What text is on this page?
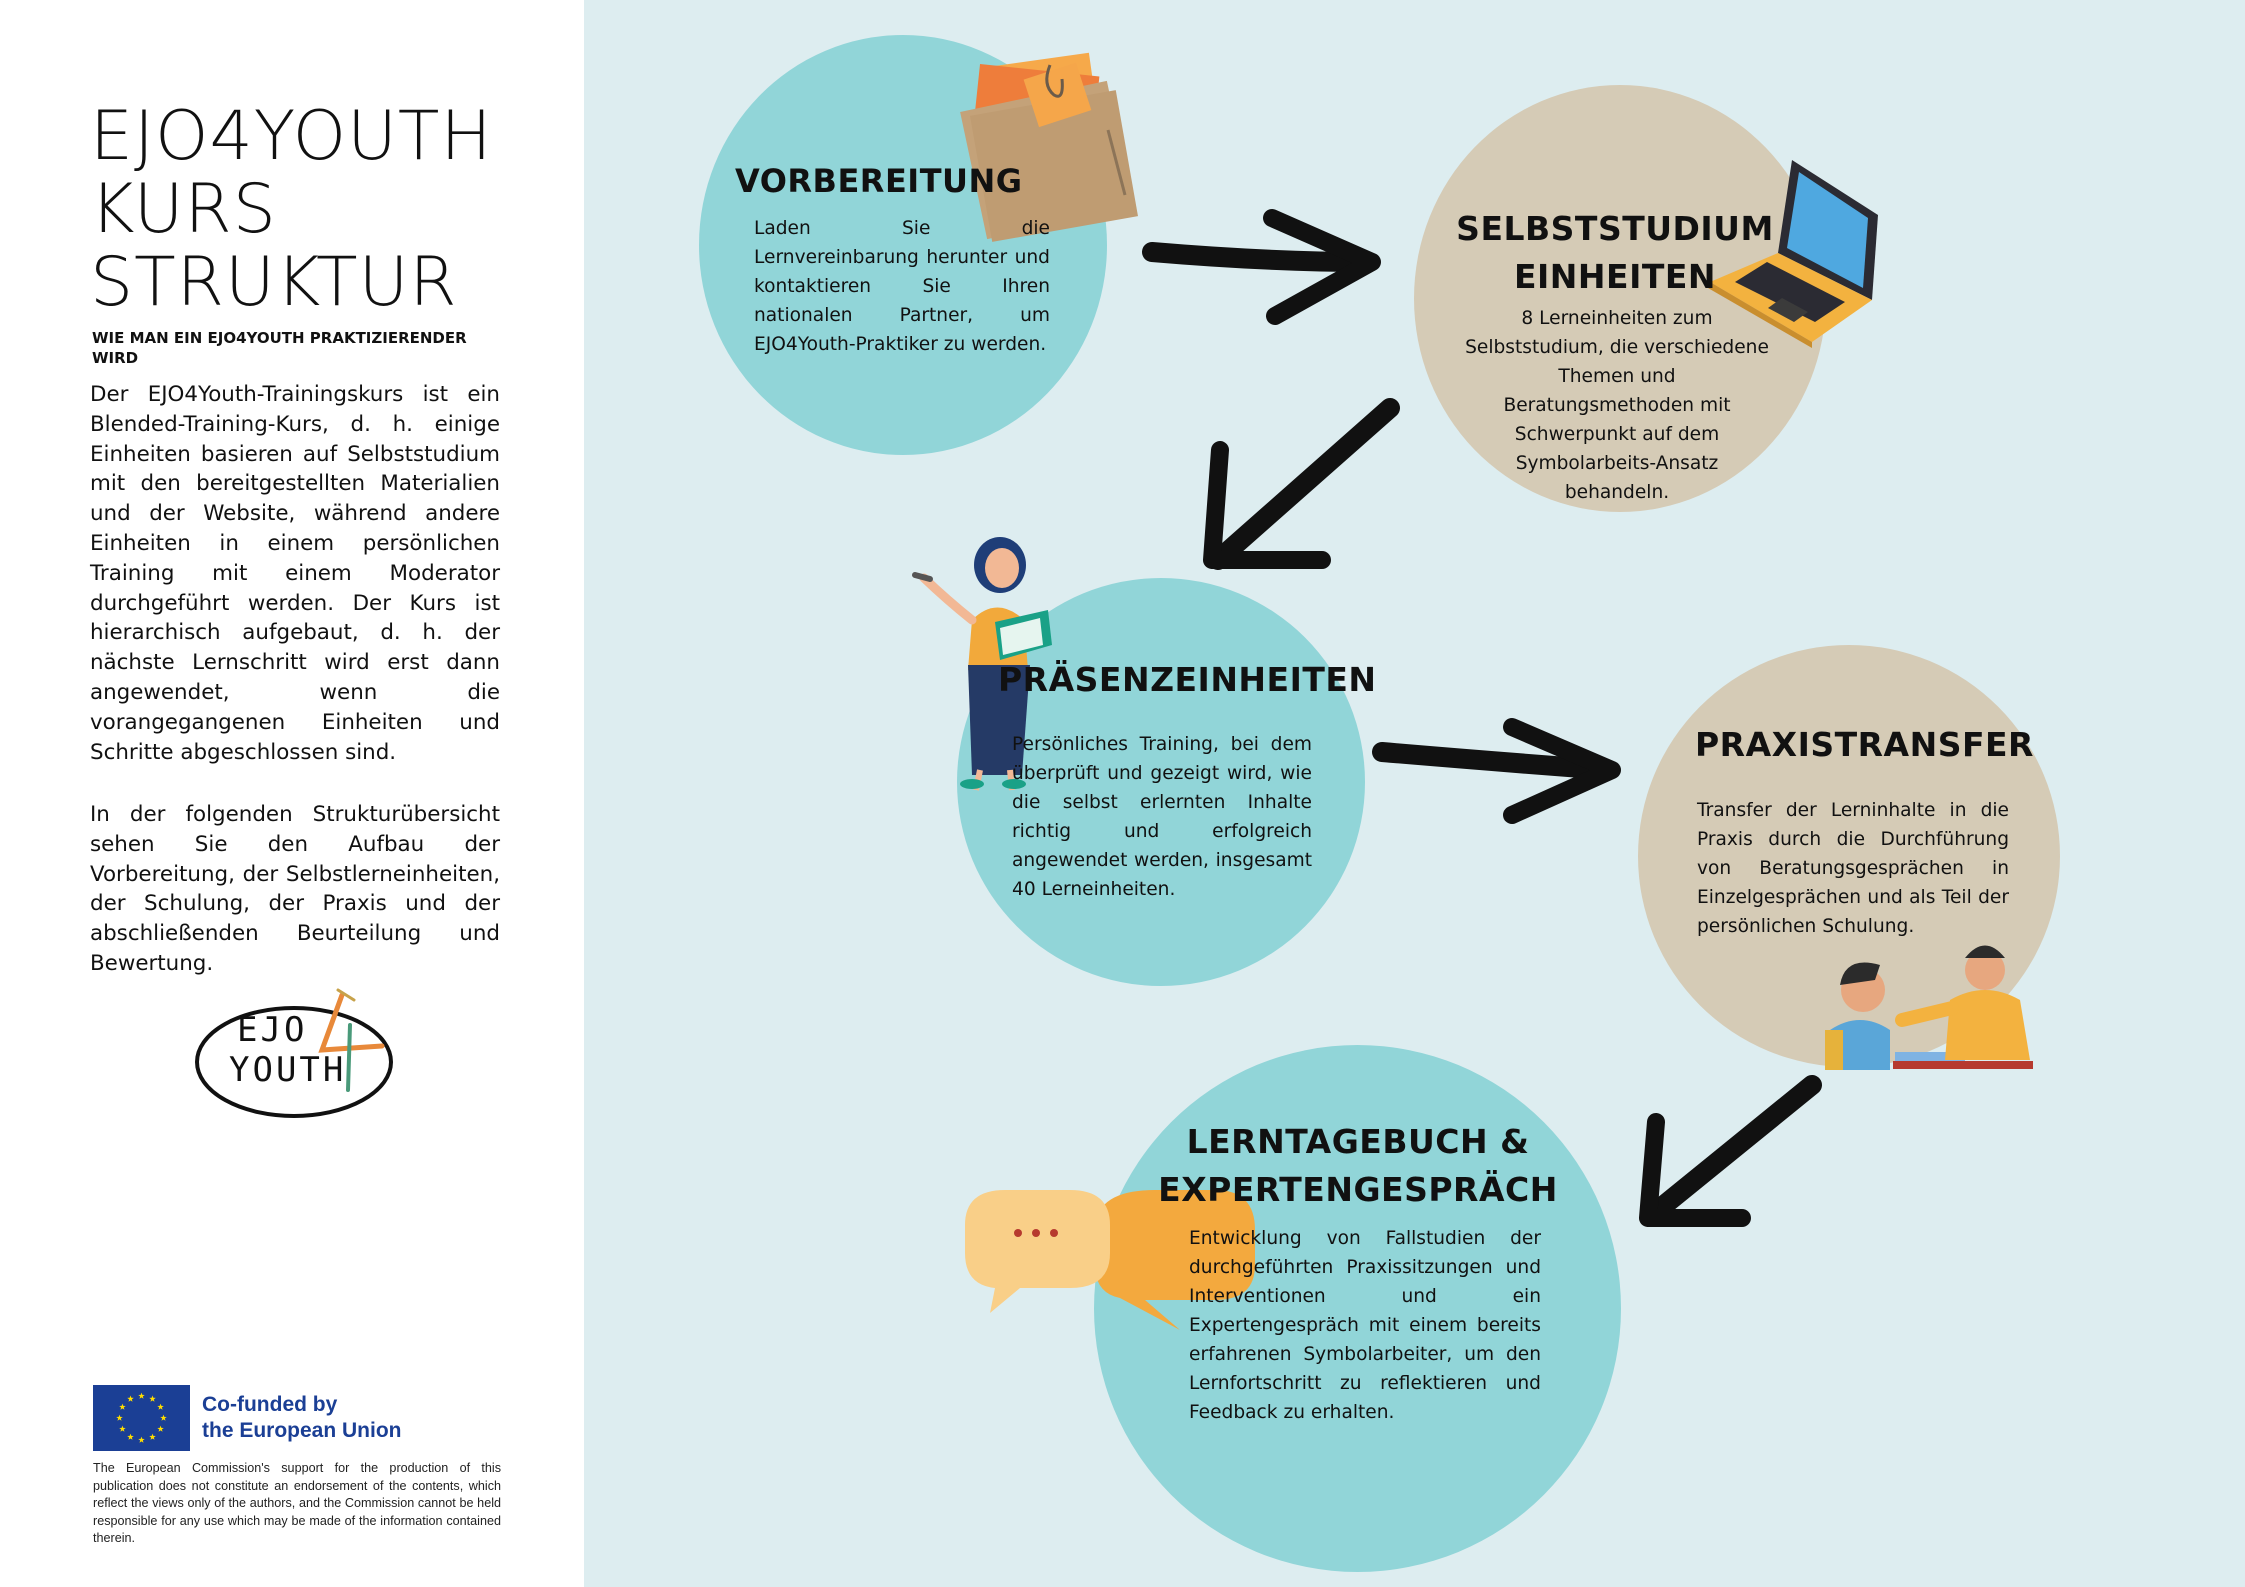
EJO4YOUTH
KURS
STRUKTUR
WIE MAN EIN EJO4YOUTH PRAKTIZIERENDER WIRD
Der EJO4Youth-Trainingskurs ist ein Blended-Training-Kurs, d. h. einige Einheiten basieren auf Selbststudium mit den bereitgestellten Materialien und der Website, während andere Einheiten in einem persönlichen Training mit einem Moderator durchgeführt werden. Der Kurs ist hierarchisch aufgebaut, d. h. der nächste Lernschritt wird erst dann angewendet, wenn die vorangegangenen Einheiten und Schritte abgeschlossen sind.
In der folgenden Strukturübersicht sehen Sie den Aufbau der Vorbereitung, der Selbstlerneinheiten, der Schulung, der Praxis und der abschließenden Beurteilung und Bewertung.
EJO
YOUTH
Co-funded by
the European Union
The European Commission's support for the production of this publication does not constitute an endorsement of the contents, which reflect the views only of the authors, and the Commission cannot be held responsible for any use which may be made of the information contained therein.
VORBEREITUNG
Laden Sie die Lernvereinbarung herunter und kontaktieren Sie Ihren nationalen Partner, um EJO4Youth-Praktiker zu werden.
SELBSTSTUDIUM
EINHEITEN
8 Lerneinheiten zum Selbststudium, die verschiedene Themen und Beratungsmethoden mit Schwerpunkt auf dem Symbolarbeits-Ansatz behandeln.
PRÄSENZEINHEITEN
Persönliches Training, bei dem überprüft und gezeigt wird, wie die selbst erlernten Inhalte richtig und erfolgreich angewendet werden, insgesamt 40 Lerneinheiten.
PRAXISTRANSFER
Transfer der Lerninhalte in die Praxis durch die Durchführung von Beratungsgesprächen in Einzelgesprächen und als Teil der persönlichen Schulung.
LERNTAGEBUCH &
EXPERTENGESPRÄCH
Entwicklung von Fallstudien der durchgeführten Praxissitzungen und Interventionen und ein Expertengespräch mit einem bereits erfahrenen Symbolarbeiter, um den Lernfortschritt zu reflektieren und Feedback zu erhalten.
